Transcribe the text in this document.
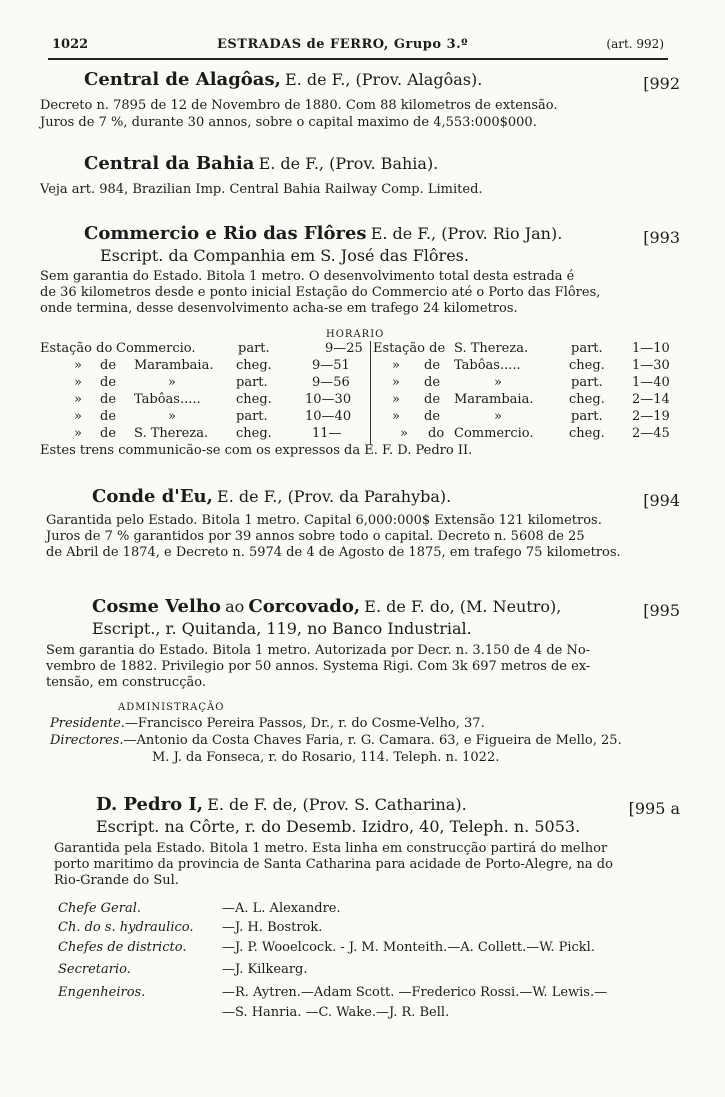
1022	ESTRADAS de FERRO, Grupo 3.º	(art. 992)
Central de Alagôas, E. de F., (Prov. Alagôas).	[992
Decreto n. 7895 de 12 de Novembro de 1880. Com 88 kilometros de extensão.
Juros de 7 %, durante 30 annos, sobre o capital maximo de 4,553:000$000.
Central da Bahia E. de F., (Prov. Bahia).
Veja art. 984, Brazilian Imp. Central Bahia Railway Comp. Limited.
Commercio e Rio das Flôres E. de F., (Prov. Rio Jan).	[993
Escript. da Companhia em S. José das Flôres.
Sem garantia do Estado. Bitola 1 metro. O desenvolvimento total desta estrada é
de 36 kilometros desde e ponto inicial Estação do Commercio até o Porto das Flôres,
onde termina, desse desenvolvimento acha-se em trafego 24 kilometros.
HORARIO
Estação do Commercio.	part.	9—25 Estação de S. Thereza.	part. 1—10
» de Marambaia. cheg.	9—51	» de Tabôas.....	cheg. 1—30
» de	»	part.	9—56	» de	»	part. 1—40
» de Tabôas.....	cheg.	10—30	» de Marambaia.	cheg. 2—14
» de	»	part.	10—40	» de	»	part. 2—19
» de S. Thereza. cheg.	11—	» do Commercio.	cheg. 2—45
Estes trens communicão-se com os expressos da E. F. D. Pedro II.
Conde d'Eu, E. de F., (Prov. da Parahyba).	[994
Garantida pelo Estado. Bitola 1 metro. Capital 6,000:000$ Extensão 121 kilometros.
Juros de 7 % garantidos por 39 annos sobre todo o capital. Decreto n. 5608 de 25
de Abril de 1874, e Decreto n. 5974 de 4 de Agosto de 1875, em trafego 75 kilometros.
Cosme Velho ao Corcovado, E. de F. do, (M. Neutro),	[995
Escript., r. Quitanda, 119, no Banco Industrial.
Sem garantia do Estado. Bitola 1 metro. Autorizada por Decr. n. 3.150 de 4 de No-
vembro de 1882. Privilegio por 50 annos. Systema Rigi. Com 3k 697 metros de ex-
tensão, em construcção.
ADMINISTRAÇÃO
Presidente.—Francisco Pereira Passos, Dr., r. do Cosme-Velho, 37.
Directores.—Antonio da Costa Chaves Faria, r. G. Camara. 63, e Figueira de Mello, 25.
M. J. da Fonseca, r. do Rosario, 114. Teleph. n. 1022.
D. Pedro I, E. de F. de, (Prov. S. Catharina).	[995 a
Escript. na Côrte, r. do Desemb. Izidro, 40, Teleph. n. 5053.
Garantida pela Estado. Bitola 1 metro. Esta linha em construcção partirá do melhor
porto maritimo da provincia de Santa Catharina para acidade de Porto-Alegre, na do
Rio-Grande do Sul.
Chefe Geral.	—A. L. Alexandre.
Ch. do s. hydraulico. —J. H. Bostrok.
Chefes de districto.	—J. P. Wooelcock. - J. M. Monteith.—A. Collett.—W. Pickl.
Secretario.	—J. Kilkearg.
Engenheiros.	—R. Aytren.—Adam Scott. —Frederico Rossi.—W. Lewis.—
—S. Hanria. —C. Wake.—J. R. Bell.
